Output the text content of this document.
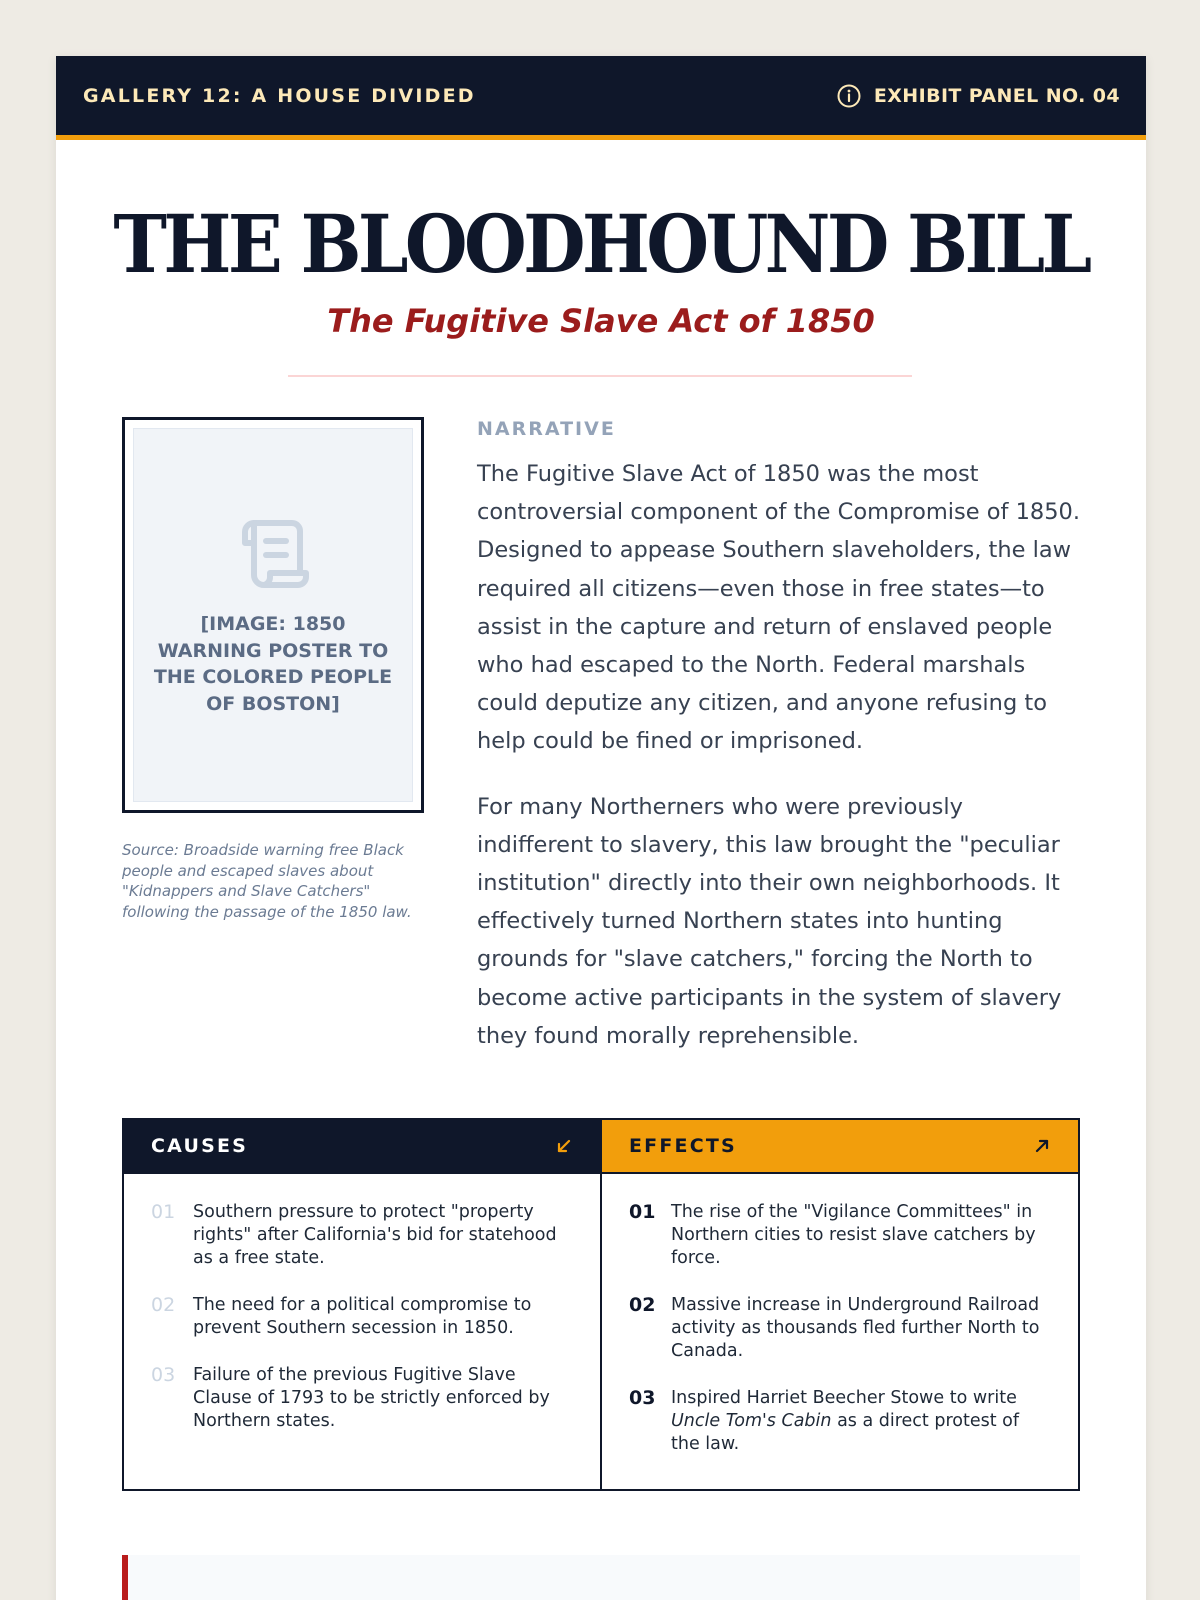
GALLERY 12: A HOUSE DIVIDED	EXHIBIT PANEL NO. 04
THE BLOODHOUND BILL
The Fugitive Slave Act of 1850
[IMAGE: 1850 WARNING POSTER TO THE COLORED PEOPLE OF BOSTON]

Source: Broadside warning free Black people and escaped slaves about "Kidnappers and Slave Catchers" following the passage of the 1850 law.

NARRATIVE

The Fugitive Slave Act of 1850 was the most controversial component of the Compromise of 1850. Designed to appease Southern slaveholders, the law required all citizens—even those in free states—to assist in the capture and return of enslaved people who had escaped to the North. Federal marshals could deputize any citizen, and anyone refusing to help could be fined or imprisoned.

For many Northerners who were previously indifferent to slavery, this law brought the "peculiar institution" directly into their own neighborhoods. It effectively turned Northern states into hunting grounds for "slave catchers," forcing the North to become active participants in the system of slavery they found morally reprehensible.

CAUSES
01	Southern pressure to protect "property rights" after California's bid for statehood as a free state.
02	The need for a political compromise to prevent Southern secession in 1850.
03	Failure of the previous Fugitive Slave Clause of 1793 to be strictly enforced by Northern states.
EFFECTS
01 The rise of the "Vigilance Committees" in Northern cities to resist slave catchers by force.
02 Massive increase in Underground Railroad activity as thousands fled further North to Canada.
03 Inspired Harriet Beecher Stowe to write Uncle Tom's Cabin as a direct protest of the law.
